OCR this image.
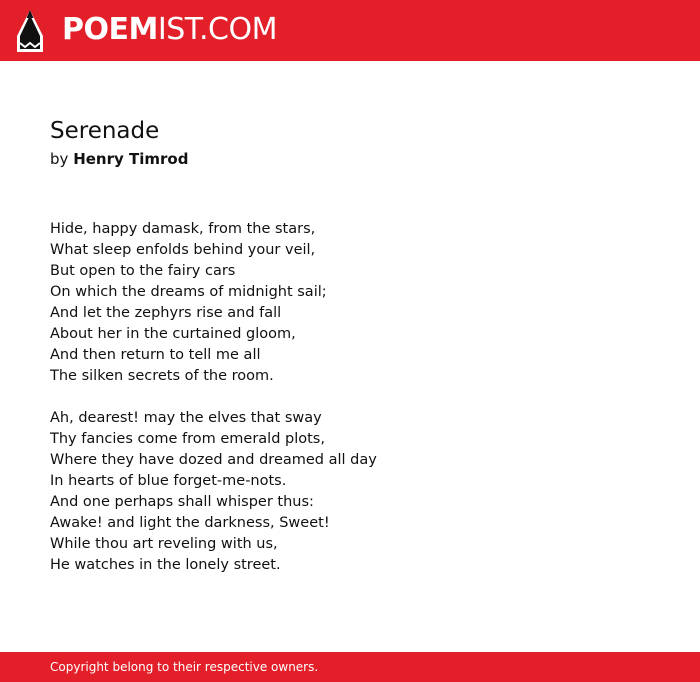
POEMIST.COM
Serenade
by Henry Timrod
Hide, happy damask, from the stars,
What sleep enfolds behind your veil,
But open to the fairy cars
On which the dreams of midnight sail;
And let the zephyrs rise and fall
About her in the curtained gloom,
And then return to tell me all
The silken secrets of the room.
Ah, dearest! may the elves that sway
Thy fancies come from emerald plots,
Where they have dozed and dreamed all day
In hearts of blue forget-me-nots.
And one perhaps shall whisper thus:
Awake! and light the darkness, Sweet!
While thou art reveling with us,
He watches in the lonely street.
Copyright belong to their respective owners.
